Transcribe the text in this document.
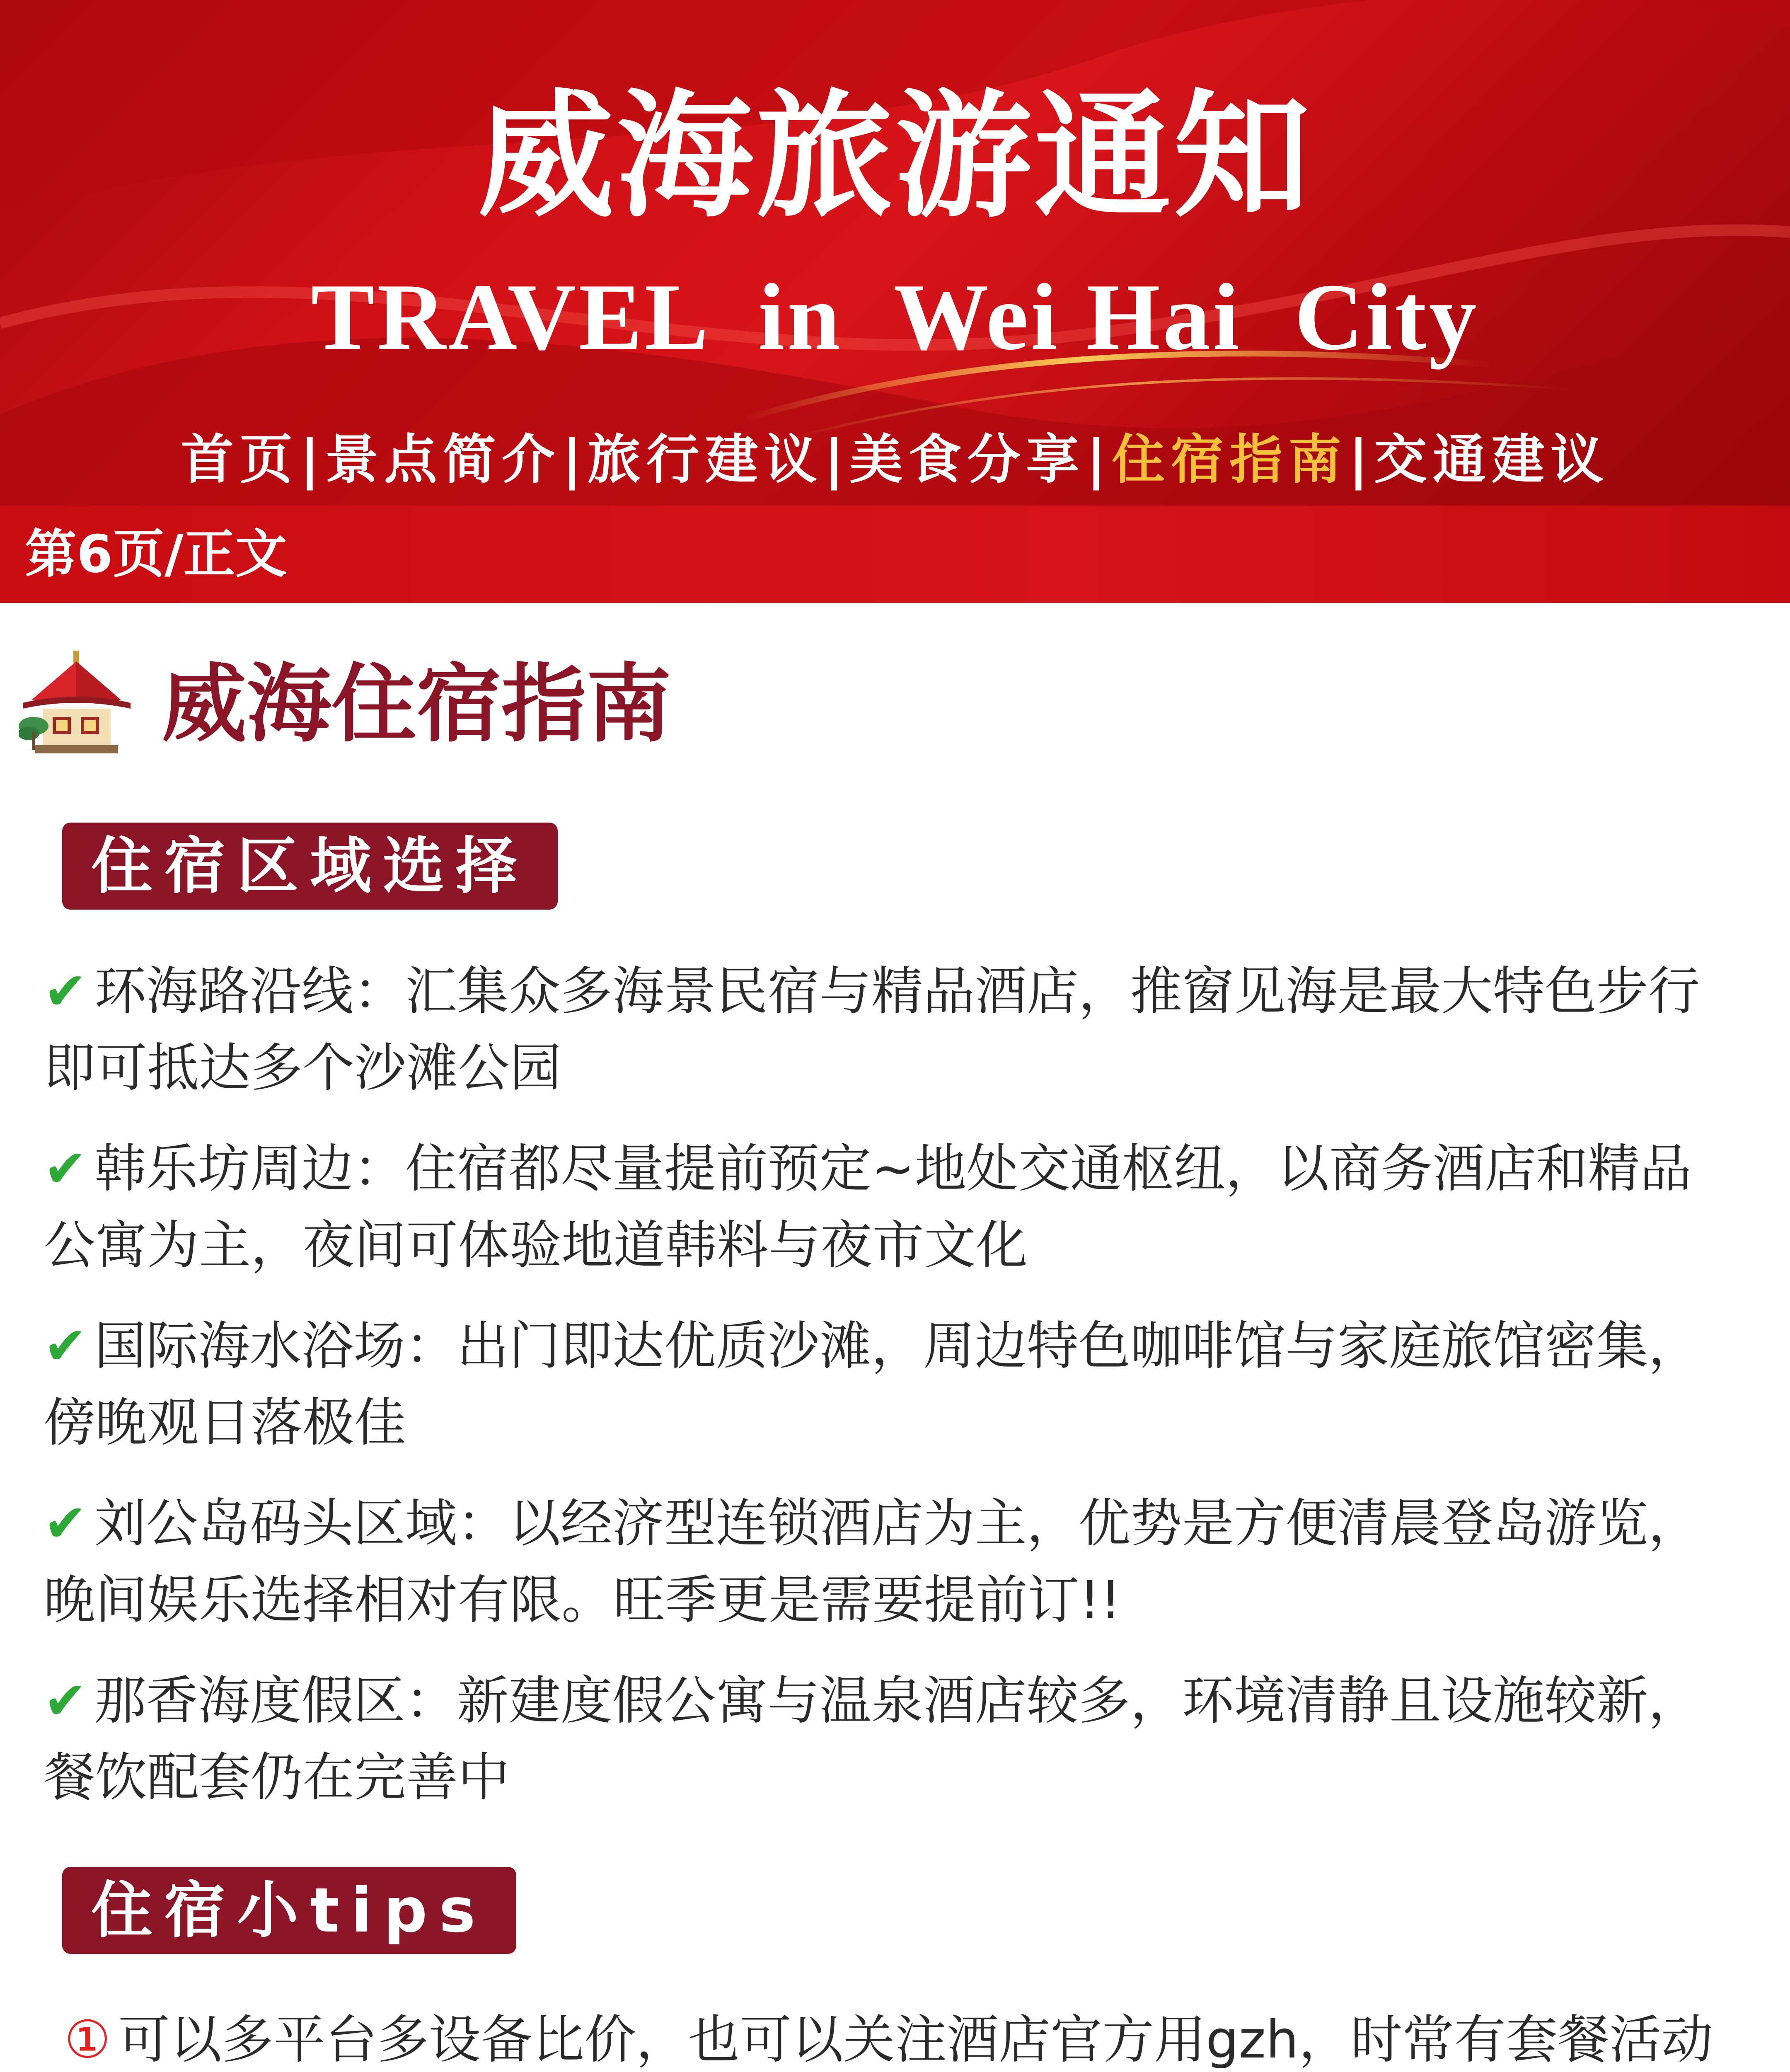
威海旅游通知
TRAVEL  in  Wei Hai  City
首页 | 景点简介 | 旅行建议 | 美食分享 | 住宿指南 | 交通建议
第6页/正文
威海住宿指南
住宿区域选择
✔ 环海路沿线：汇集众多海景民宿与精品酒店，推窗见海是最大特色步行即可抵达多个沙滩公园
✔ 韩乐坊周边：住宿都尽量提前预定~地处交通枢纽，以商务酒店和精品公寓为主，夜间可体验地道韩料与夜市文化
✔ 国际海水浴场：出门即达优质沙滩，周边特色咖啡馆与家庭旅馆密集，傍晚观日落极佳
✔ 刘公岛码头区域：以经济型连锁酒店为主，优势是方便清晨登岛游览，晚间娱乐选择相对有限。旺季更是需要提前订!!
✔ 那香海度假区：新建度假公寓与温泉酒店较多，环境清静且设施较新，餐饮配套仍在完善中
住宿小tips
① 可以多平台多设备比价，也可以关注酒店官方用gzh，时常有套餐活动
